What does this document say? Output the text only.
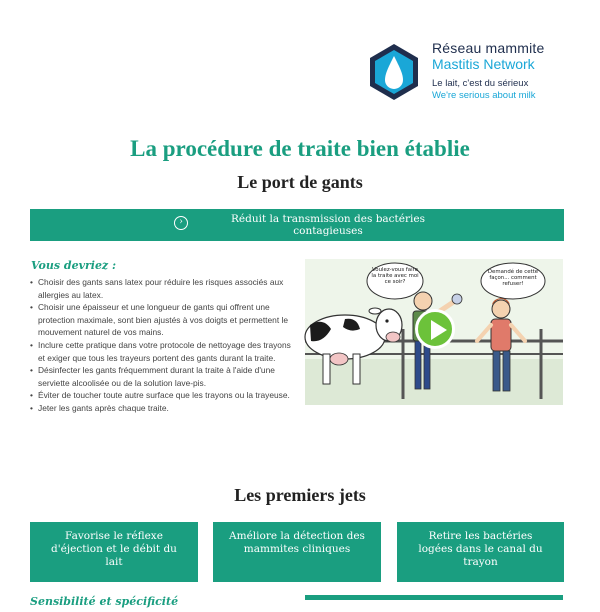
Réseau mammite
Mastitis Network
Le lait, c'est du sérieux
We're serious about milk
La procédure de traite bien établie
Le port de gants
›	Réduit la transmission des bactéries contagieuses
Vous devriez :
• Choisir des gants sans latex pour réduire les risques associés aux allergies au latex.
• Choisir une épaisseur et une longueur de gants qui offrent une protection maximale, sont bien ajustés à vos doigts et permettent le mouvement naturel de vos mains.
• Inclure cette pratique dans votre protocole de nettoyage des trayons et exiger que tous les trayeurs portent des gants durant la traite.
• Désinfecter les gants fréquemment durant la traite à l'aide d'une serviette alcoolisée ou de la solution lave-pis.
• Éviter de toucher toute autre surface que les trayons ou la trayeuse.
• Jeter les gants après chaque traite.
Voulez-vous faire la traite avec moi ce soir?
Demandé de cette façon... comment refuser!
Les premiers jets
Favorise le réflexe d'éjection et le débit du lait
Améliore la détection des mammites cliniques
Retire les bactéries logées dans le canal du trayon
Sensibilité et spécificité
